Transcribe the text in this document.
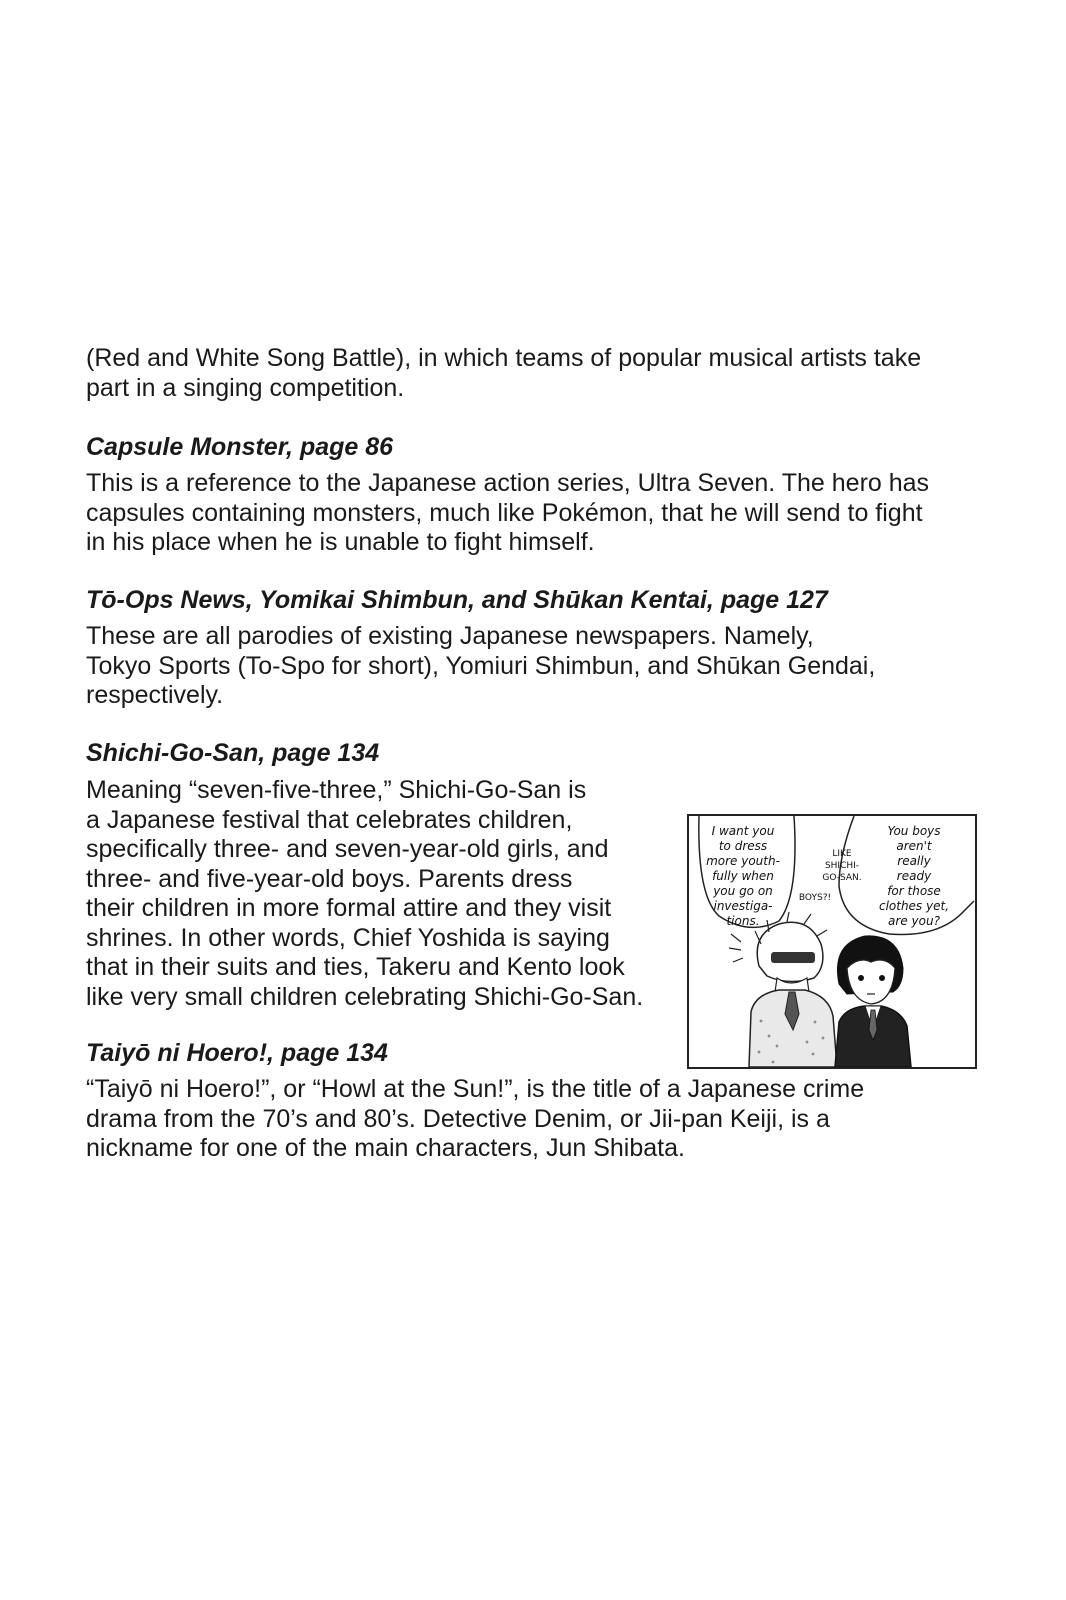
(Red and White Song Battle), in which teams of popular musical artists take
part in a singing competition.

Capsule Monster, page 86

This is a reference to the Japanese action series, Ultra Seven. The hero has
capsules containing monsters, much like Pokémon, that he will send to fight
in his place when he is unable to fight himself.

Tō-Ops News, Yomikai Shimbun, and Shūkan Kentai, page 127

These are all parodies of existing Japanese newspapers. Namely,
Tokyo Sports (To-Spo for short), Yomiuri Shimbun, and Shūkan Gendai,
respectively.

Shichi-Go-San, page 134

Meaning “seven-five-three,” Shichi-Go-San is
a Japanese festival that celebrates children,
specifically three- and seven-year-old girls, and
three- and five-year-old boys. Parents dress
their children in more formal attire and they visit
shrines. In other words, Chief Yoshida is saying
that in their suits and ties, Takeru and Kento look
like very small children celebrating Shichi-Go-San.

I want you
to dress
more youth-
fully when
you go on
investiga-
tions.
BOYS?!
LIKE
SHICHI-
GO-SAN.
You boys
aren't
really
ready
for those
clothes yet,
are you?
Taiyō ni Hoero!, page 134

“Taiyō ni Hoero!”, or “Howl at the Sun!”, is the title of a Japanese crime
drama from the 70’s and 80’s. Detective Denim, or Jii-pan Keiji, is a
nickname for one of the main characters, Jun Shibata.
